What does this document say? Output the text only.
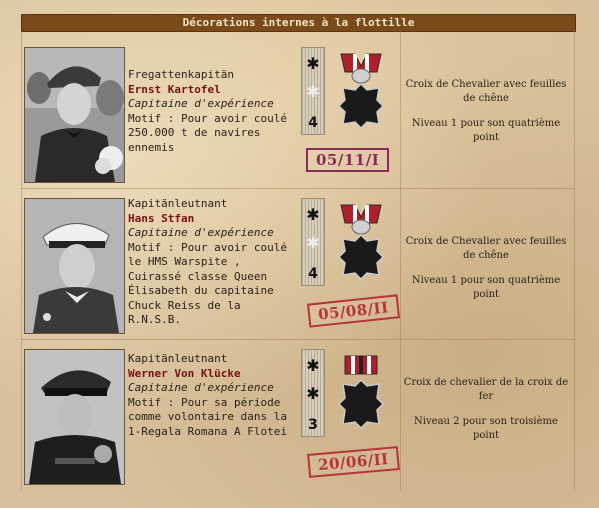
Décorations internes à la flottille
Fregattenkapitän
Ernst Kartofel
Capitaine d'expérience
Motif : Pour avoir coulé 250.000 t de navires ennemis
✱
✱
4
05/11/I

Croix de Chevalier avec feuilles de chêne

Niveau 1 pour son quatrième point

Kapitänleutnant
Hans Stfan
Capitaine d'expérience
Motif : Pour avoir coulé le HMS Warspite , Cuirassé classe Queen Élisabeth du capitaine Chuck Reiss de la R.N.S.B.
✱
✱
4
05/08/II

Croix de Chevalier avec feuilles de chêne

Niveau 1 pour son quatrième point

Kapitänleutnant
Werner Von Klücke
Capitaine d'expérience
Motif : Pour sa période comme volontaire dans la 1-Regala Romana A Flotei
✱
✱
3
20/06/II

Croix de chevalier de la croix de fer

Niveau 2 pour son troisième point
